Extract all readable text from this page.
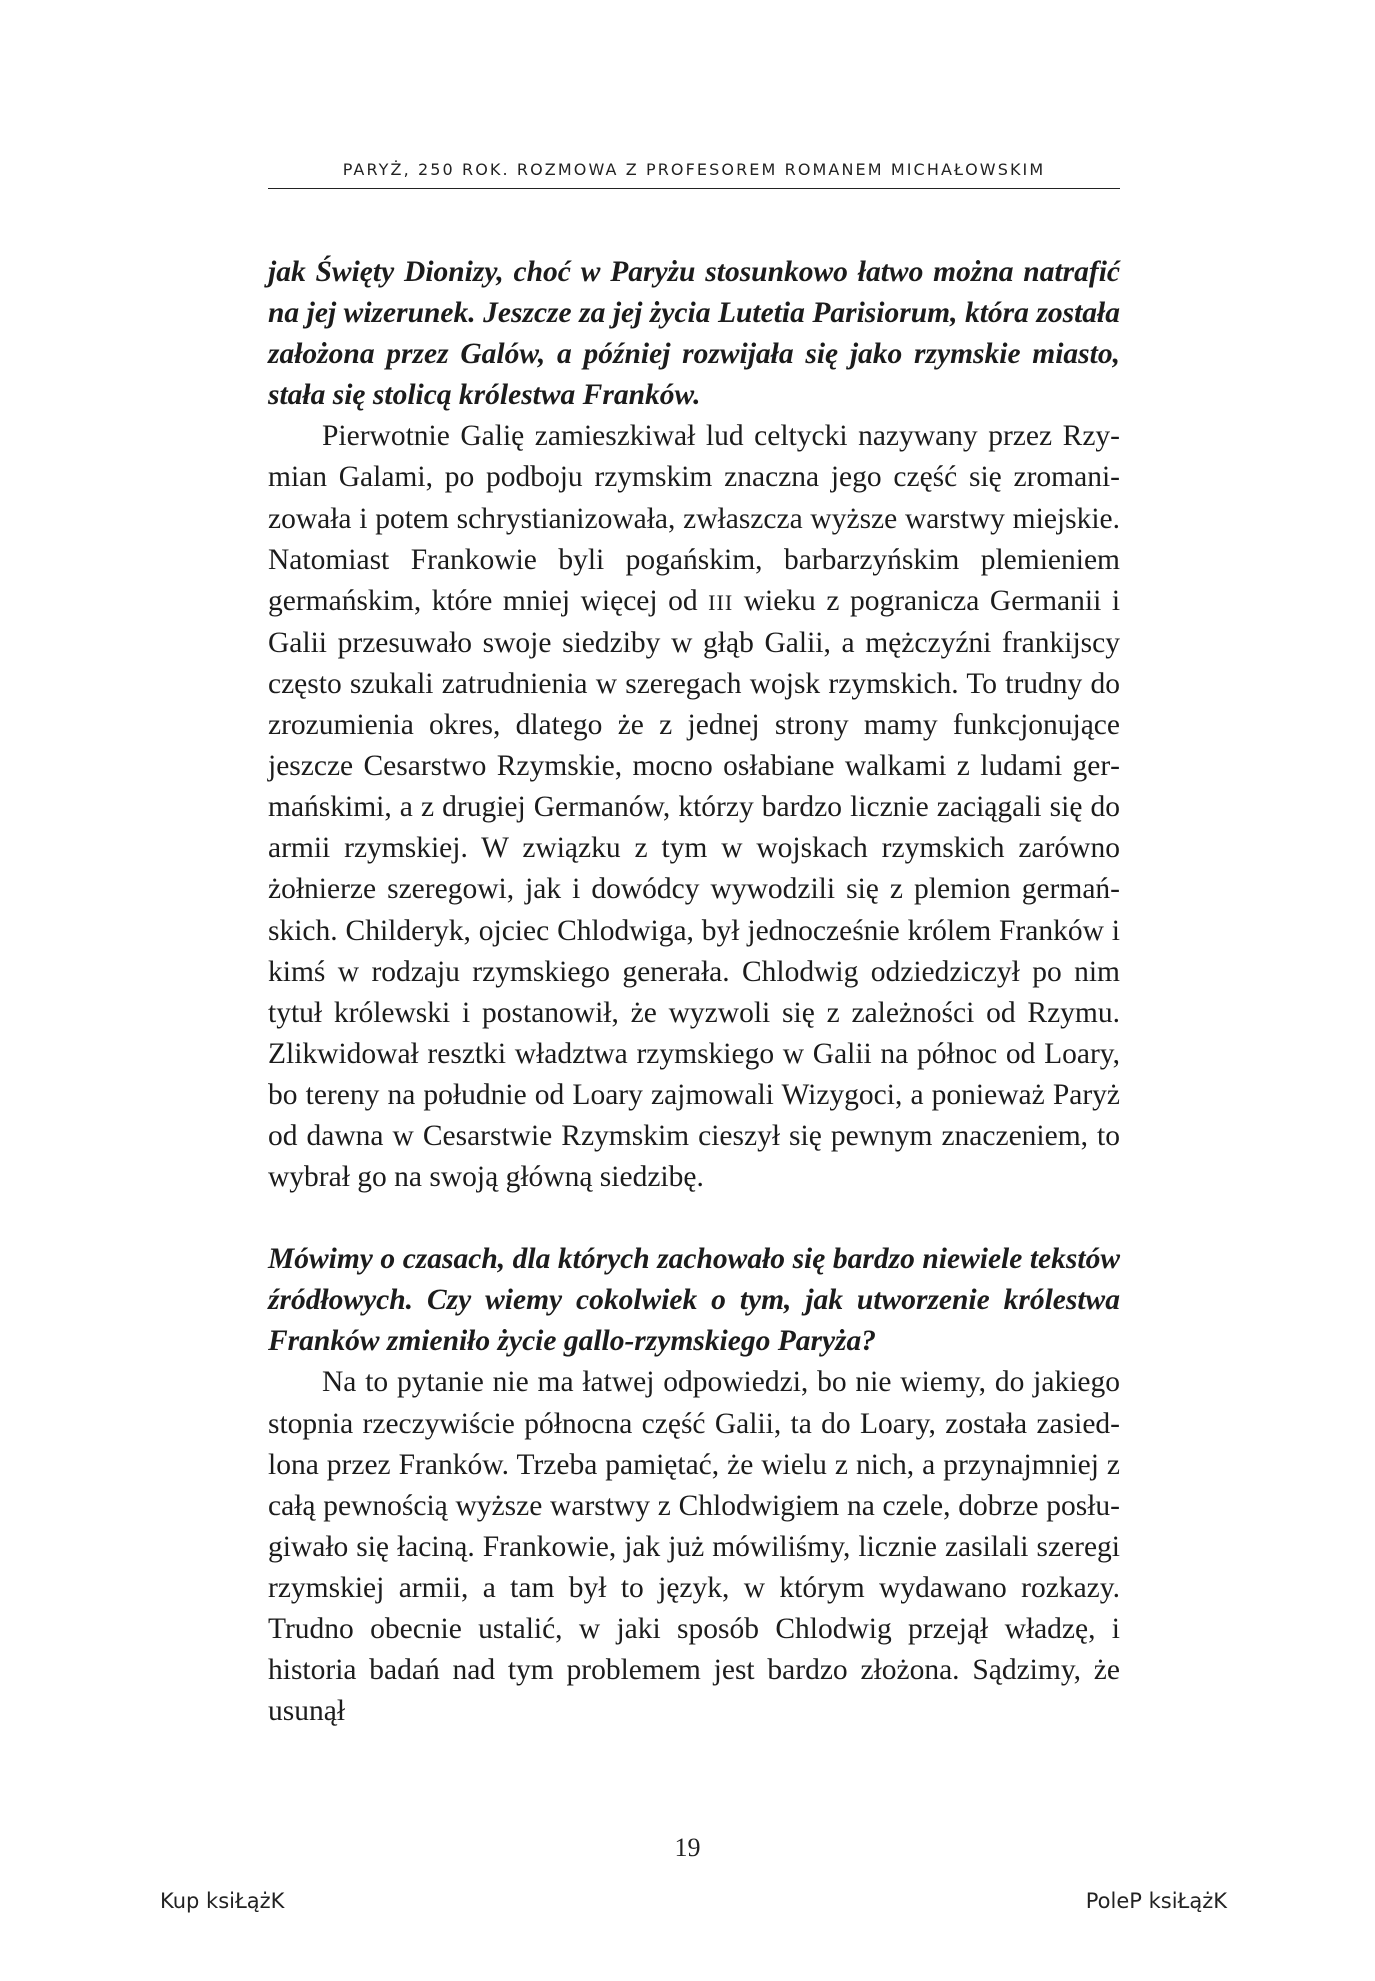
PARYŻ, 250 ROK. ROZMOWA Z PROFESOREM ROMANEM MICHAŁOWSKIM

jak Święty Dionizy, choć w Paryżu stosunkowo łatwo można natrafić na jej wizerunek. Jeszcze za jej życia Lutetia Parisiorum, która została założona przez Galów, a później rozwijała się jako rzymskie miasto, stała się stolicą królestwa Franków.

Pierwotnie Galię zamieszkiwał lud celtycki nazywany przez Rzymian Galami, po podboju rzymskim znaczna jego część się zromanizowała i potem schrystianizowała, zwłaszcza wyższe warstwy miejskie. Natomiast Frankowie byli pogańskim, barbarzyńskim plemieniem germańskim, które mniej więcej od III wieku z pogranicza Germanii i Galii przesuwało swoje siedziby w głąb Galii, a mężczyźni frankijscy często szukali zatrudnienia w szeregach wojsk rzymskich. To trudny do zrozumienia okres, dlatego że z jednej strony mamy funkcjonujące jeszcze Cesarstwo Rzymskie, mocno osłabiane walkami z ludami germańskimi, a z drugiej Germanów, którzy bardzo licznie zaciągali się do armii rzymskiej. W związku z tym w wojskach rzymskich zarówno żołnierze szeregowi, jak i dowódcy wywodzili się z plemion germańskich. Childeryk, ojciec Chlodwiga, był jednocześnie królem Franków i kimś w rodzaju rzymskiego generała. Chlodwig odziedziczył po nim tytuł królewski i postanowił, że wyzwoli się z zależności od Rzymu. Zlikwidował resztki władztwa rzymskiego w Galii na północ od Loary, bo tereny na południe od Loary zajmowali Wizygoci, a ponieważ Paryż od dawna w Cesarstwie Rzymskim cieszył się pewnym znaczeniem, to wybrał go na swoją główną siedzibę.

Mówimy o czasach, dla których zachowało się bardzo niewiele tekstów źródłowych. Czy wiemy cokolwiek o tym, jak utworzenie królestwa Franków zmieniło życie gallo-rzymskiego Paryża?

Na to pytanie nie ma łatwej odpowiedzi, bo nie wiemy, do jakiego stopnia rzeczywiście północna część Galii, ta do Loary, została zasiedlona przez Franków. Trzeba pamiętać, że wielu z nich, a przynajmniej z całą pewnością wyższe warstwy z Chlodwigiem na czele, dobrze posługiwało się łaciną. Frankowie, jak już mówiliśmy, licznie zasilali szeregi rzymskiej armii, a tam był to język, w którym wydawano rozkazy. Trudno obecnie ustalić, w jaki sposób Chlodwig przejął władzę, i historia badań nad tym problemem jest bardzo złożona. Sądzimy, że usunął

19
Kup ksiŁążK	PoleP ksiŁążK
